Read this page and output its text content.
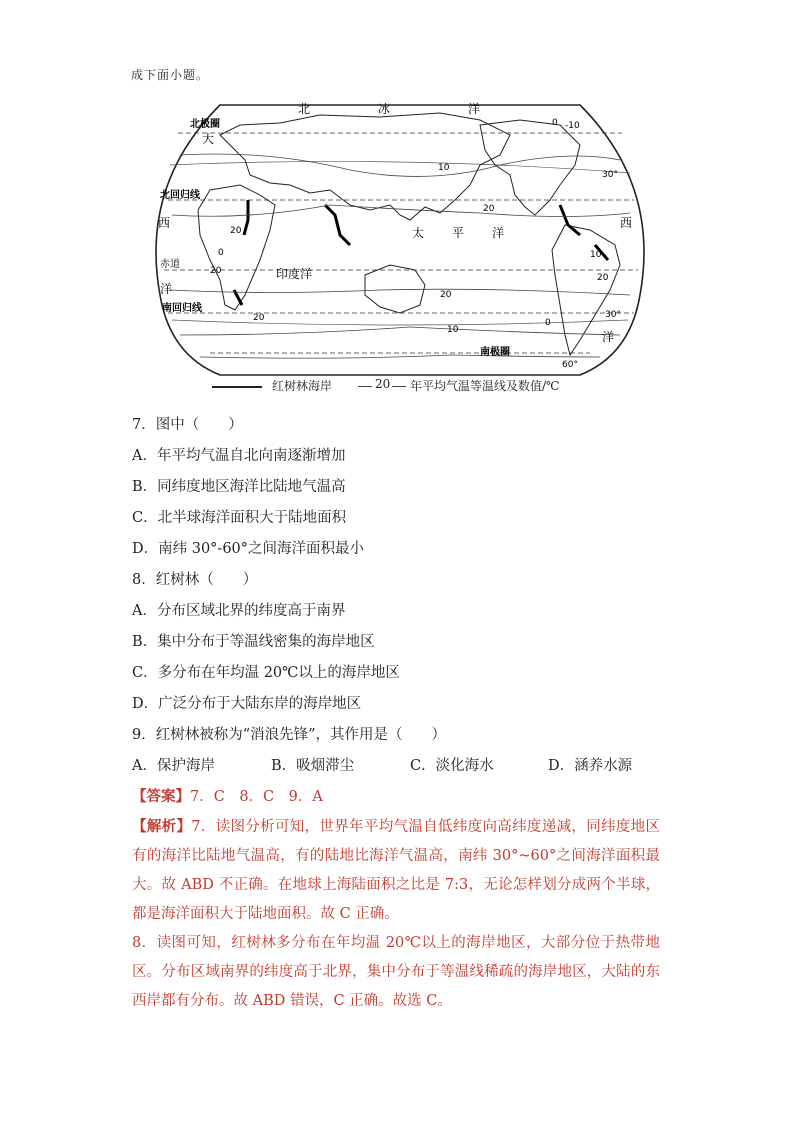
成下面小题。
北	冰	洋
北极圈
北回归线
赤道
南回归线
南极圈
太 平 洋
印度洋
大
西
洋
西
洋
-10
0
10
20
20
0
20
20
10
20
10
0
20
30°
30°
60°
红树林海岸	20 年平均气温等温线及数值/℃
7．图中（　　）
A．年平均气温自北向南逐渐增加
B．同纬度地区海洋比陆地气温高
C．北半球海洋面积大于陆地面积
D．南纬 30°-60°之间海洋面积最小
8．红树林（　　）
A．分布区域北界的纬度高于南界
B．集中分布于等温线密集的海岸地区
C．多分布在年均温 20℃以上的海岸地区
D．广泛分布于大陆东岸的海岸地区
9．红树林被称为“消浪先锋”，其作用是（　　）
A．保护海岸	B．吸烟滞尘	C．淡化海水	D．涵养水源
【答案】7．C　8．C　9．A

【解析】7．读图分析可知，世界年平均气温自低纬度向高纬度递减，同纬度地区有的海洋比陆地气温高，有的陆地比海洋气温高，南纬 30°~60°之间海洋面积最大。故 ABD 不正确。在地球上海陆面积之比是 7:3，无论怎样划分成两个半球，都是海洋面积大于陆地面积。故 C 正确。

8．读图可知，红树林多分布在年均温 20℃以上的海岸地区，大部分位于热带地区。分布区域南界的纬度高于北界，集中分布于等温线稀疏的海岸地区，大陆的东西岸都有分布。故 ABD 错误，C 正确。故选 C。
